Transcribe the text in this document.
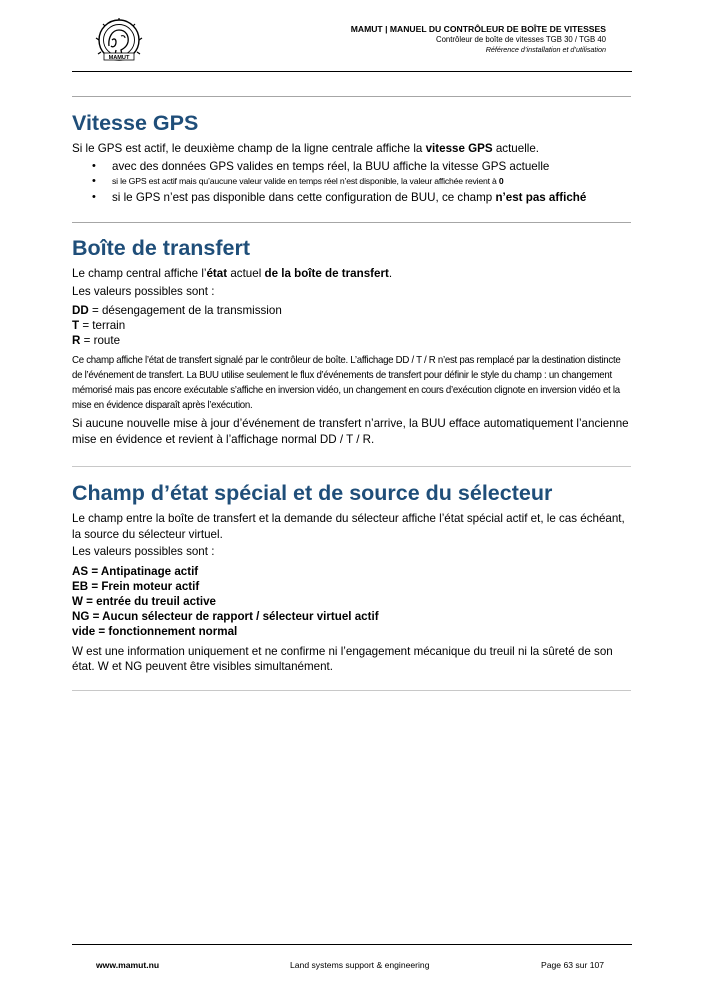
MAMUT
MAMUT | MANUEL DU CONTRÔLEUR DE BOÎTE DE VITESSES
Contrôleur de boîte de vitesses TGB 30 / TGB 40
Référence d’installation et d’utilisation
Vitesse GPS

Si le GPS est actif, le deuxième champ de la ligne centrale affiche la vitesse GPS actuelle.

• avec des données GPS valides en temps réel, la BUU affiche la vitesse GPS actuelle
• si le GPS est actif mais qu’aucune valeur valide en temps réel n’est disponible, la valeur affichée revient à 0
• si le GPS n’est pas disponible dans cette configuration de BUU, ce champ n’est pas affiché
Boîte de transfert

Le champ central affiche l’état actuel de la boîte de transfert.

Les valeurs possibles sont :

DD = désengagement de la transmission
T = terrain
R = route

Ce champ affiche l’état de transfert signalé par le contrôleur de boîte. L’affichage DD / T / R n’est pas remplacé par la destination distincte de l’événement de transfert. La BUU utilise seulement le flux d’événements de transfert pour définir le style du champ : un changement mémorisé mais pas encore exécutable s’affiche en inversion vidéo, un changement en cours d’exécution clignote en inversion vidéo et la mise en évidence disparaît après l’exécution.

Si aucune nouvelle mise à jour d’événement de transfert n’arrive, la BUU efface automatiquement l’ancienne mise en évidence et revient à l’affichage normal DD / T / R.

Champ d’état spécial et de source du sélecteur

Le champ entre la boîte de transfert et la demande du sélecteur affiche l’état spécial actif et, le cas échéant, la source du sélecteur virtuel.

Les valeurs possibles sont :

AS = Antipatinage actif
EB = Frein moteur actif
W = entrée du treuil active
NG = Aucun sélecteur de rapport / sélecteur virtuel actif
vide = fonctionnement normal

W est une information uniquement et ne confirme ni l’engagement mécanique du treuil ni la sûreté de son état. W et NG peuvent être visibles simultanément.

www.mamut.nu	Land systems support & engineering	Page 63 sur 107
